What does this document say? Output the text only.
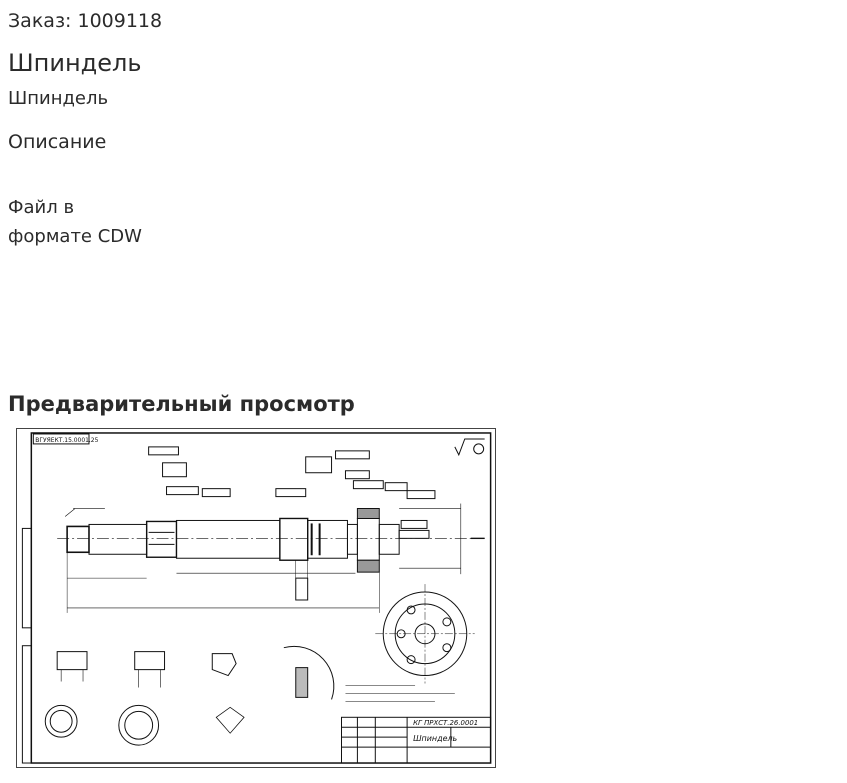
Заказ: 1009118
Шпиндель
Шпиндель
Описание
Файл в
формате CDW
Предварительный просмотр
ВГУЯЕКТ.15.0001.25
КГ ПРХСТ.26.0001
Шпиндель
